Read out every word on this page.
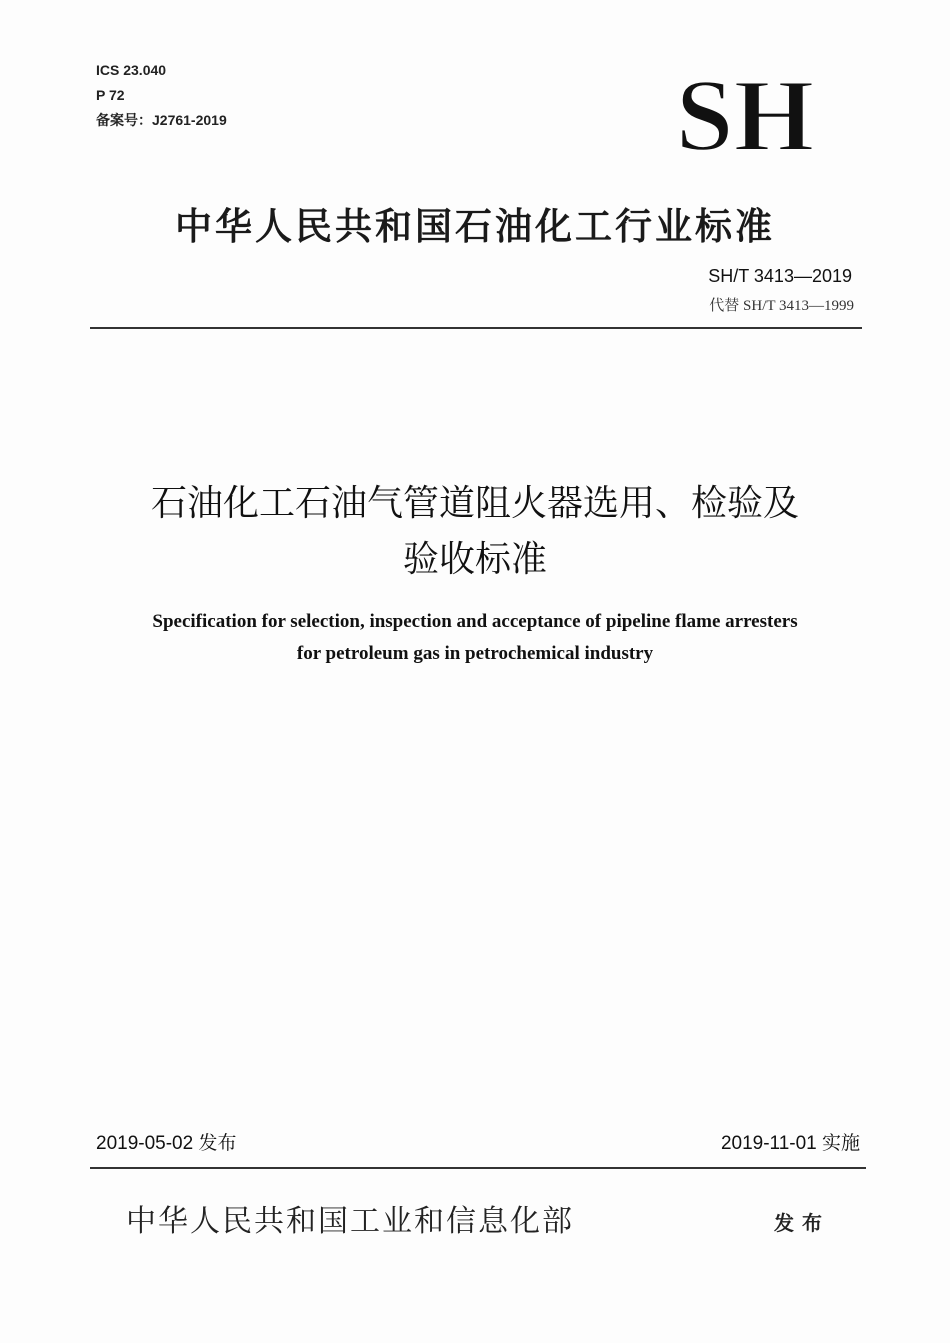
ICS 23.040
P 72
备案号：J2761-2019	SH
中华人民共和国石油化工行业标准
SH/T 3413—2019
代替 SH/T 3413—1999
石油化工石油气管道阻火器选用、检验及
验收标准
Specification for selection, inspection and acceptance of pipeline flame arresters
for petroleum gas in petrochemical industry
2019-05-02 发布	2019-11-01 实施
中华人民共和国工业和信息化部	发布
